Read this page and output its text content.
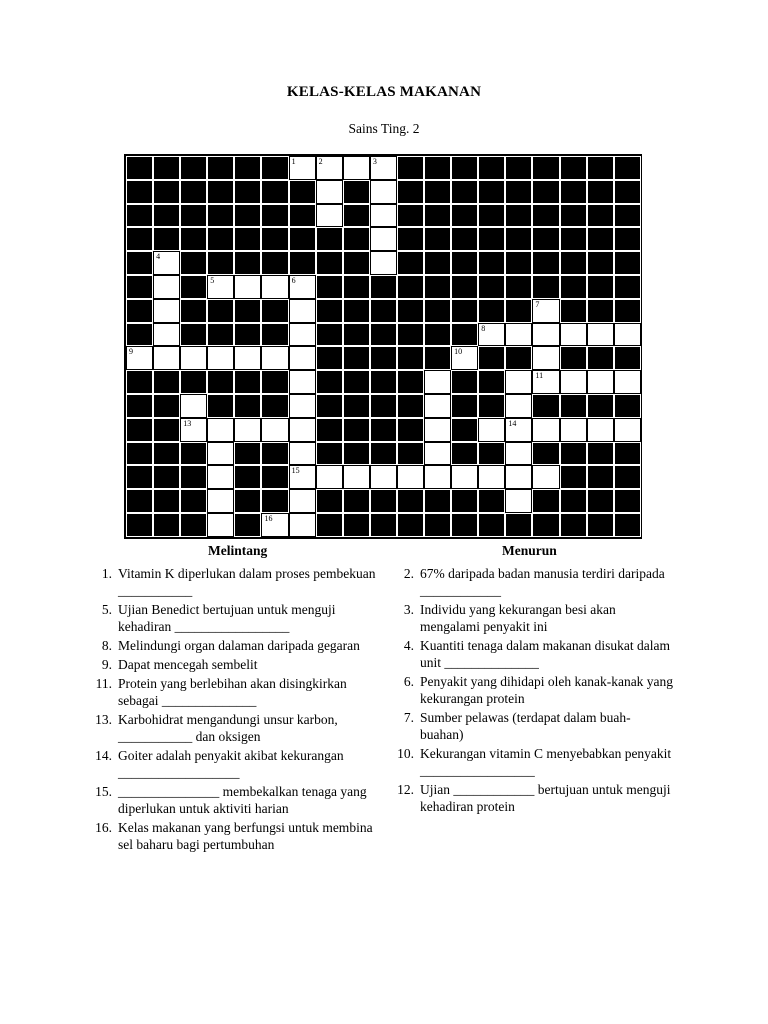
KELAS-KELAS MAKANAN
Sains Ting. 2
1	2	3
4
5	6
7
8
9	10
11
12
13	14
15
16
Melintang	Menurun
1. Vitamin K diperlukan dalam proses pembekuan ___________
5. Ujian Benedict bertujuan untuk menguji kehadiran _________________
8. Melindungi organ dalaman daripada gegaran
9. Dapat mencegah sembelit
11. Protein yang berlebihan akan disingkirkan sebagai ______________
13. Karbohidrat mengandungi unsur karbon, ___________ dan oksigen
14. Goiter adalah penyakit akibat kekurangan __________________
15. _______________ membekalkan tenaga yang diperlukan untuk aktiviti harian
16. Kelas makanan yang berfungsi untuk membina sel baharu bagi pertumbuhan
2. 67% daripada badan manusia terdiri daripada ____________
3. Individu yang kekurangan besi akan mengalami penyakit ini
4. Kuantiti tenaga dalam makanan disukat dalam unit ______________
6. Penyakit yang dihidapi oleh kanak-kanak yang kekurangan protein
7. Sumber pelawas (terdapat dalam buah-buahan)
10. Kekurangan vitamin C menyebabkan penyakit _________________
12. Ujian ____________ bertujuan untuk menguji kehadiran protein
